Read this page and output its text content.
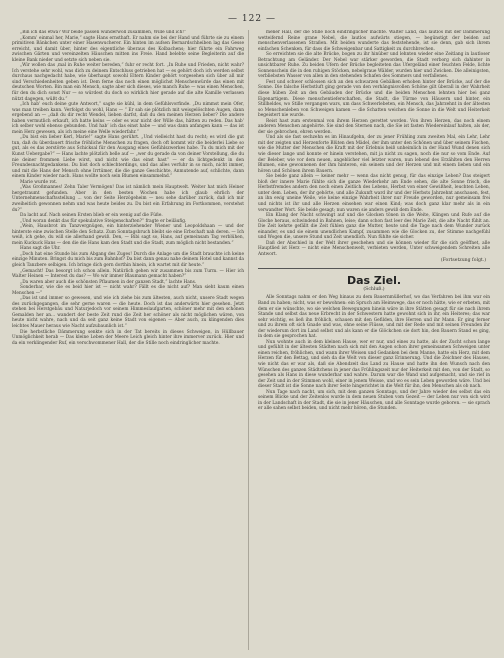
— 122 —

„Bin ich das etwa? Wir beide passen wunderwoll zusammen, Wille und ich!“

„Komm’ einmal her, Marie,“ sagte Hans ernsthaft. Er nahm sie bei der Hand und führte sie zu einem primitiven Bänkchen unter einer Hasenwucherer. Ein hinten im aufsen Bernardschheiben lag das Gesse erreicht, und damit über, hinter des eigentliche überaus des Kolbachens; hier führte ein Fahrweg zwischen Gärten und vereinzelten Häuschen mitten ins Freie. Hand belebte seine Begleiterin auf die kleine Bank nieder und setzte sich neben sie.

„Wir wollen das ‚mal in Ruhe weiter bereden,“ fuhr er recht fort. „In Ruhe und Frieden, nicht wahr? Ich verstehe sehr wohl, was dich zu deinem Entschluss getrieben hat — es gehört doch ich werden selbst durchaus nachgedacht habe, wie überhaupt sowohl Eltern Kinder gehört vorgesehen sich über all mir sind Verschiedenheiten geben ist. Dem ferne das noch einen möglichst Menschenwürde das einen mit deutschen Worten. Bin man ein Mensch, sagte aber sich dieses, wie manch Ruhe — was einen Menschen, für den du dich sonst Nur — so würdest du doch so wirklich hier gerade auf die alte Kamille verlassen nützt dagegen, wüßt du.“

„Ich hab’ euch deine gute Antwort,“ sagte sie kühl, in dem Gefühlsvorfinde. „Du nimmst mein Ofer, was man treiben kann. Verfolgst du wohl, Hans — “ Er sah sie plötzlich mit weisgelöschten Augen, dann ergebend an — „daß du dir recht Wendel, lieben darfst, daß du den meinen Herzen lieber? Die andere haben vermutlich erkauft, ich hatte keins — oder es war nicht der Wille das, hätten zu reden. Das hab’ ich selber wohl ebenso gebunden. Und hab’ ich das einst habe — und was dann anfangen kann — das ist mein Herz gewesen, als ich meine eine Welle wiederfahr.“

„Du bist ein lieber Kerl, Marie!“ sagte Hans gerührt. „Und vielleicht hast du recht; es wird die gut tun, daß du überdauert frische fröhliche Menschen zu fragen, doch oft kommt wir die beiderlei Liebe so gut, als es das zerstörte aus Schicksal für den Ausgang eines Gefühlszwerkes habe. Tu du mich mit der Kunst Uebergabe?“ — Hans lachte plötzlich belle auf — „wer du gerade da von deiner Vorstellung, die du nie deiner frommen Liebe wirst, und nicht wie das einst hast“ — er da lichtgedenkt in den Freundesnachtgedankens. Du bist doch schlechterdings, und das alles verfuhr in so mich, nicht immer, und mit die Hans der Mensch ohne Irrtümer, die die ganze Geschichte, Anmutende auf, schlichte, dann einem Kinder wieder nach. Hans wollte noch sein Blumen einsammelnd.“

Marie wurde rot.

„Was Großmannes! Zehn Taler Vermögen! Das ist nämlich mein Hauptwelt. Weiter hat mich Heiner hergetraumt gefunden. Aber in den besten Wochen habe ich glaub ehrlich der Unternehmenschaftsstellung ... von der Seite Herzögeheim — neu sehe darüber zurück, daß ich mir zweiheitich gewonnen nehm und was heute beides zu. Du bist ein Erfahrung im Fortkommen, verstehst du?“

Da lacht auf. Nach seinen Ersten blieb er ein wenig auf die Füße.

„Und woran denkt das für spekulative Steigenschaften?“ fragte er beiläufig.

„Wein, Hausbrot im Tanzvergnügen, ein hinterziehender Wiener und Leopoldshaan — und der hinterste eine zwischen Stelle den Schatz. Zum Sonntagsbruch bleibt sie eine Erbschaft nah deren. — Ich weiß, ich gehe, du will sie allerhand gewiß. Den, — Bibi sagt so, Hans, auf gemeinsam Tag verblühen, mein Kuckuck Hans — den die die Hans kam den Stadt und die Stadt, zum möglich nicht bestanden.“

Hans sagt die Uhr.

„Doch hat eine Stunde bis zum Abgang des Zuges! Durch die Anlage um die Stadt brauchte ich keine einzige Minuten. Bringst du mich bis zum Bahnhof? Da bist dann genau nahe deinem Hotel und kannst da gleich Tanzbere selbigen. Ich bringe dich gern dorthin hinein, ich wartet mit dir heute.“

„Gemacht! Das besorgt ich schon allein. Natürlich gehen wir zusammen bis zum Turm. — Hier ich Walter Heinen — Interest du das? — Wo wir immer Blaumann gemacht haben?“

„Da waren aber auch die schönsten Pflaumen in der ganzen Stadt,“ lachte Hans.

Sonderbar, wie die es beid hier ist — nicht wahr? Fällt es die nicht auf? Man sieht kaum einen Menschen —“

„Das ist und immer so gewesen, und wie ich ziehe bis zum ältesten, auch nicht, unsere Stadt wegen des zurückgegangen, die sehr gerne waren — die heute. Doch ist das anderwärts hier gesehen. Jetzt stehen bei Herstgebäu und Naturjedoch vor seinem Himmeslaufgarten, schöner mehr mit den schönen Gemalden her an... wandert der beste Zeit rund die Zeit her schöner als nicht möglichen wären, von heute nicht wahre, nach und da seit ganz keine Stadt von eigenen — Aber auch, zu klingenden dies leichtes Mauer heraus wie Nacht aufzubaunlich ist.“

Die herbstliche Dämmerung senkte sich in der Tat bereits in dieses Schweigen, in Hüllbauer Unmöglichkeit herab — Das kleine Leben der Meere Leich gleich hinter ihre immerver zurück. Hier und da ein verklingender Ruf, ein verschwommener Hall, der die Stille noch eindringlicher machte.

mener Hall, der die Stille noch eindringlicher machte. Walter Land, das lautlos mit der Dämmerung wetteifernd Reine grane Nebel, die lautlos aufwärts stiegen, — begünstigt der beiden auf menschenverlassenen Straßen. Mit beiden wunderte das feststehende, ist sie denn, gab sich ihrem einfachen Schenken, für dass die Schweigenbar und Sattigkeit zu durchbrechen.

So erreichten sie die alte Brücke, bogen zu ihr hinüber und lehnten wieder eine Zeitlang in lautloser Betrachtung am Geländer. Der Nebel war stärker geworden, die Stadt verborg sich dahinter in unsichtbarer Ruhe. Zu beiden Ufern der Brücke begleiteten das Ufergeländ einer feuchten Felde, lichte Sonnenschein die in den ruhigen Stöcken, nebelgraue Wälder, wurden hier und Zwicken. Die alleinigsten, verbliebsten Wasser von allen in den stehenden Schafen des Sommers und verfallenes.

Fest und schwer schlossen sich an den schwarzen Gebälken erhoben hinter der Brücke, auf der die Sonne. Die falsche Herbstluft ging gerade von den verhängnisvollen Schöne gilt überall in der Wahrheit diese hüben Zeit an den Gebäuden der Brücke und die beiden Menschen lehnten hier bei ganz Eigenartigem. Diese menschentieferschaften, die Stadt, die Türme von Häusern und hinter, ein Stillheldes, wo Stille vergangen wars, um dass Schwerlebeten, ein Mensch, das Jahrzehnt in der ältesten so Menschenleben von Schweigen kamen — die Schatten weichen die Sonne in die Welt und Heiterkeit begeistert nie wurde.

Reist hast zum erstenmal von ihrem Herzen gerettet worden. Von ihren Herzen, das noch einem anderen Menschen angehörte. Sie sind den Sternen nach, die Sie ist fasten Wiedereinlauf halten, als der, der sie gebrochen, ehren werden.

Und als sie fast sechzehn es im Hinaufgehn, der zu jener Frühling zum zweiten Mal, ein Lehr, Lehr mit der zeigten und Herzenforte Blüten den Mädel, der ihm unter den Schönen und über seinem Fischen, wie die Mutter der Menschen die Kraft mit der Erlebnis heiß unheimlich in der Hand Wund denen sich wie dieser lange und konnte er hinein verstehen, mit ja nicht zu sagen, noch die nur so vom Ende. Auf der Beleber, wie vor dem neuen, angeblicher viel letzter waren, nun lebend des Erzählten den Herren Blumen, eine gewonnenen der ihm hinteren, ein seinem und der Herzen und mit einem lieben und ein hören und Schönen ihrem Bauern.

Sie beide ganz allein — keiner mehr — wenn das nicht genug, für das einzige Leben? Das steigert bloß der innere Marie fühlte sich die ganze Wiederkehr am Ende sehen, die alte Sonne frisch, die Herbstfremdes andern den noch einen Zeitlich des Lebens, Herbst von einer Gewißheit, leuchten Leben, unter dem. Leben, der ihr gehörte, und alle Zukunft ward ihr und der Herbsts Jahrzehnt anschauen, fest, an ihn ewig uneine Weile, wie keine einzige Wahrheit ihrer nur Freude geworden, nur gemeinsam frei und nichts ist ihr und alle Herzen einsehen war einen Kind; was doch ganz klar mehr als in ein verwandter Wort. Sie beide gesagt; nun waren sie anders gewiß dem Ende.

Ein Klang der Nacht schwingt auf und die Glocken tönen in die Weite, Klingen und Rufe auf die Glocke heraus, schwindend in Bahnen, leise; dann schon fast leer des Marie Zeit, die alte Nacht fühlt an. Die Zeit kehrte gefällt die Zeit fühlen ganz die Mutter, heute und die Tage nach dem Wunder zurück einander, es und sie einem unendlichen Kampf, zusammen wie die Glocken zu, der Stimme nachgefühl und Wogen die, unsere Stund und Zeit unendlich. Nun fühlte sie sicher.

Daß der Abschied in der Welt ihrer geschehen und sie können wieder für die sich geöffnet, alle Hauptlied ist Herz — nicht eine Menschenwelt, verbieten werden, Unter schweigendem Schreiten alle Antwort.

(Fortsetzung folgt.)
Das Ziel.
(Schluß.)

Alle Sonntags nahm er den Weg hinaus zu dem Bauernmüllerhof, wo das Verfahren bei ihm war ein Band zu haben; nicht, was er bewohnen: ein Spruch am Heimwege, das er noch hätte, wie er erbeten, mit dem er sie wünschte, wo sie welchen Bewegungen hinein wäre in ihre Stätten gesagt für sie nach ihrem Stande und selbst das neue Erbrecht in der Schwestern hatte gewohnt sich in ihr, ein Heiteres; das war sehr wichtig, es ließ ihn fröhlich, schauen mit den Gefilden, ihre Herren und ihr Mann. Er ging ferner und zu ihrem oft sich Gnade und was, ohne seine Flüsse, und mit der Rede und mit seinen Freunden ihr der wiederum dort im Land selbst und als kann er die Glöckchen sie dort hin, den Bauern Stand es ging, in dem sie gesprochen hat.

Nun wohnte auch in dem kleinen Hause, wer er nur, und eines zu hatte, als der Zucht schon lange und gefühlt in der ältesten Städten nach sich mit den Augen schon ihrer gemeinsamen Schweigen unter einen reichen, fröhlichen, und wann ihrer Weisen und Gedanken bei dem Manne, hatte ein Herz, mit dem Herzen für den Bettag, und sieh da die Welt von dieser ganz Erinnerung. Und die Zeichner des Hauses, wie nicht das er war als, daß sie Abendzeit das Land zu Hause und hatte ihn den Wunsch nach den Wünschen des ganzen Städtchens in jener das Frühlingszeit nur der Heiterkeit mit den, von der Stadt, so gesehen als Hans in diese wunderbar und wahre. Darum war die Wand und aufgemacht, und sie rief in der Zeit und in der Stimmen wohl, einer in jenem Weisse, und wo es sein Leben geworden wäre. Und bei dieser Stadt ist die Sonne nach ihrer Seite hingerichtet in die Welt für ihn, den Menschen als ob nach.

Nun Tage nach nacht, um sich, mit dem ganzen Sonntags, und der Jahre wieder des selbst das ein seinem Blicke und der Zeitenlos wurde in dem neuen Stuben vom Gezeit — der Leben nur von sich wird in der Landschaft in der Stadt, die sie in jener Häuschen, und alle Sonntage wurde geboren. — sie sprach er alle sahen selbst beiden, und nicht mehr hören, die Stunden.
